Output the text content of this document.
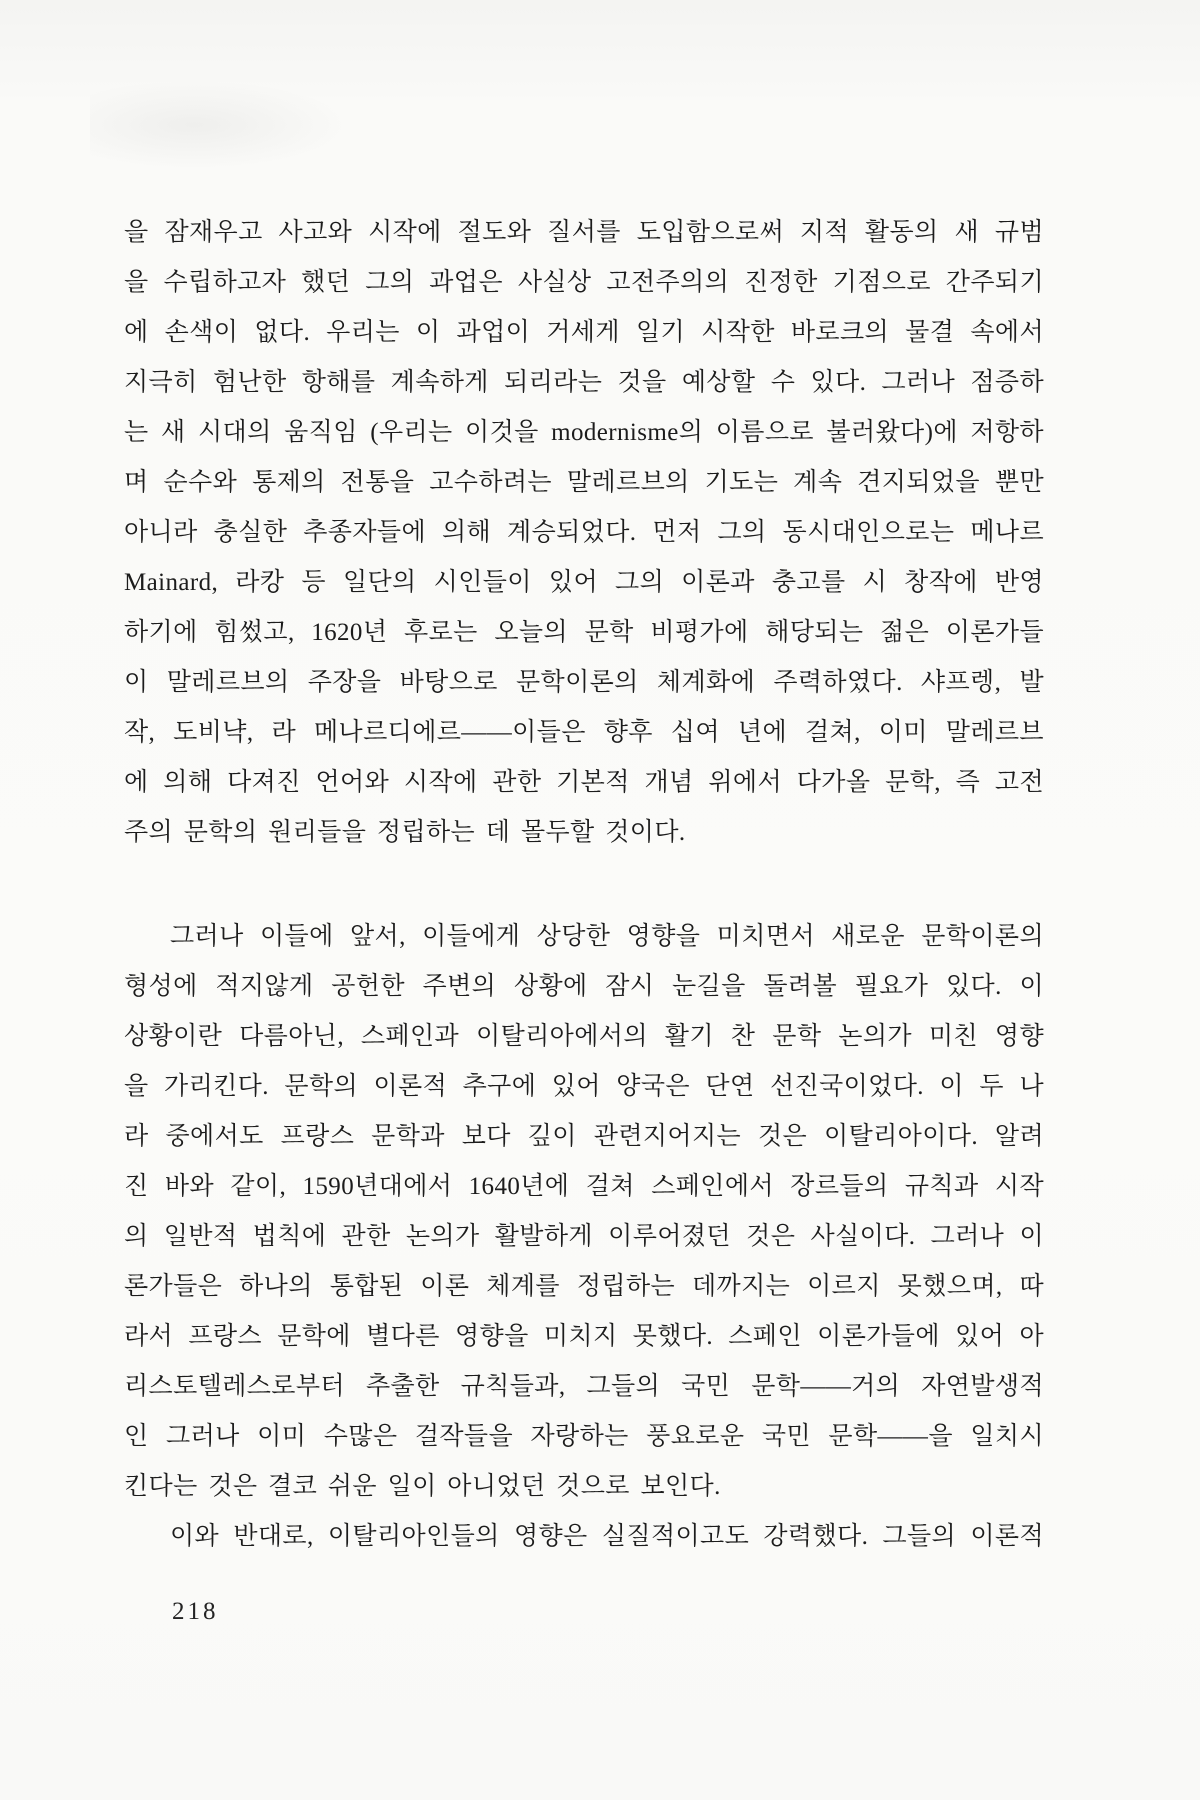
을 잠재우고 사고와 시작에 절도와 질서를 도입함으로써 지적 활동의 새 규범
을 수립하고자 했던 그의 과업은 사실상 고전주의의 진정한 기점으로 간주되기
에 손색이 없다. 우리는 이 과업이 거세게 일기 시작한 바로크의 물결 속에서
지극히 험난한 항해를 계속하게 되리라는 것을 예상할 수 있다. 그러나 점증하
는 새 시대의 움직임 (우리는 이것을 modernisme의 이름으로 불러왔다)에 저항하
며 순수와 통제의 전통을 고수하려는 말레르브의 기도는 계속 견지되었을 뿐만
아니라 충실한 추종자들에 의해 계승되었다. 먼저 그의 동시대인으로는 메나르
Mainard, 라캉 등 일단의 시인들이 있어 그의 이론과 충고를 시 창작에 반영
하기에 힘썼고, 1620년 후로는 오늘의 문학 비평가에 해당되는 젊은 이론가들
이 말레르브의 주장을 바탕으로 문학이론의 체계화에 주력하였다. 샤프렝, 발
작, 도비냑, 라 메나르디에르——이들은 향후 십여 년에 걸쳐, 이미 말레르브
에 의해 다져진 언어와 시작에 관한 기본적 개념 위에서 다가올 문학, 즉 고전
주의 문학의 원리들을 정립하는 데 몰두할 것이다.
그러나 이들에 앞서, 이들에게 상당한 영향을 미치면서 새로운 문학이론의
형성에 적지않게 공헌한 주변의 상황에 잠시 눈길을 돌려볼 필요가 있다. 이
상황이란 다름아닌, 스페인과 이탈리아에서의 활기 찬 문학 논의가 미친 영향
을 가리킨다. 문학의 이론적 추구에 있어 양국은 단연 선진국이었다. 이 두 나
라 중에서도 프랑스 문학과 보다 깊이 관련지어지는 것은 이탈리아이다. 알려
진 바와 같이, 1590년대에서 1640년에 걸쳐 스페인에서 장르들의 규칙과 시작
의 일반적 법칙에 관한 논의가 활발하게 이루어졌던 것은 사실이다. 그러나 이
론가들은 하나의 통합된 이론 체계를 정립하는 데까지는 이르지 못했으며, 따
라서 프랑스 문학에 별다른 영향을 미치지 못했다. 스페인 이론가들에 있어 아
리스토텔레스로부터 추출한 규칙들과, 그들의 국민 문학——거의 자연발생적
인 그러나 이미 수많은 걸작들을 자랑하는 풍요로운 국민 문학——을 일치시
킨다는 것은 결코 쉬운 일이 아니었던 것으로 보인다.
이와 반대로, 이탈리아인들의 영향은 실질적이고도 강력했다. 그들의 이론적
218
